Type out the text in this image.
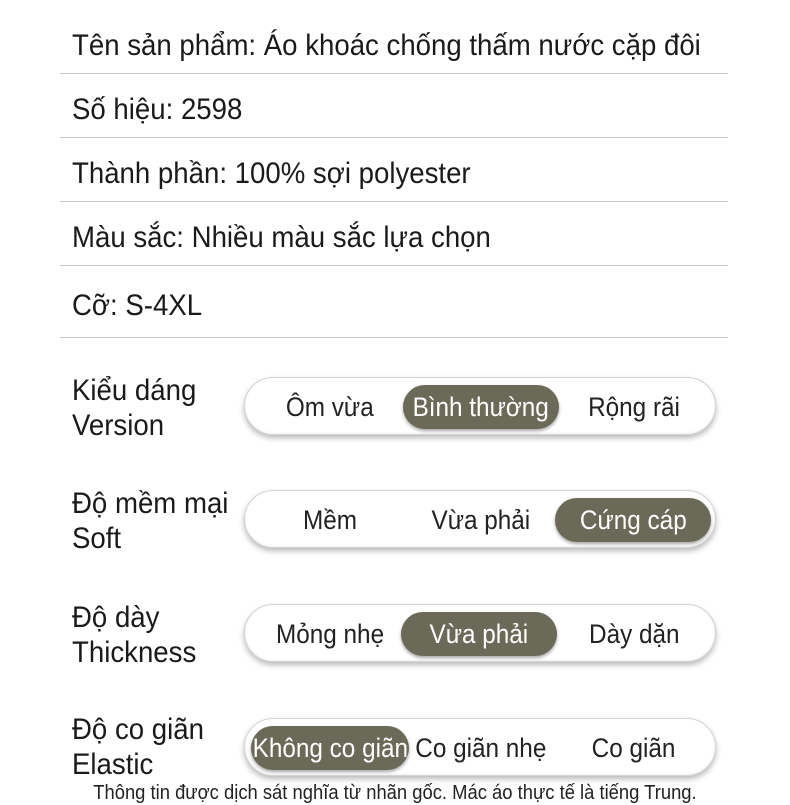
Tên sản phẩm: Áo khoác chống thấm nước cặp đôi
Số hiệu: 2598
Thành phần: 100% sợi polyester
Màu sắc: Nhiều màu sắc lựa chọn
Cỡ: S-4XL
Kiểu dáng
Version
Ôm vừa Bình thường Rộng rãi
Độ mềm mại
Soft
Mềm	Vừa phải Cứng cáp
Độ dày
Thickness
Mỏng nhẹ Vừa phải Dày dặn
Độ co giãn
Elastic
Không co giãn Co giãn nhẹ Co giãn
Thông tin được dịch sát nghĩa từ nhãn gốc. Mác áo thực tế là tiếng Trung.
